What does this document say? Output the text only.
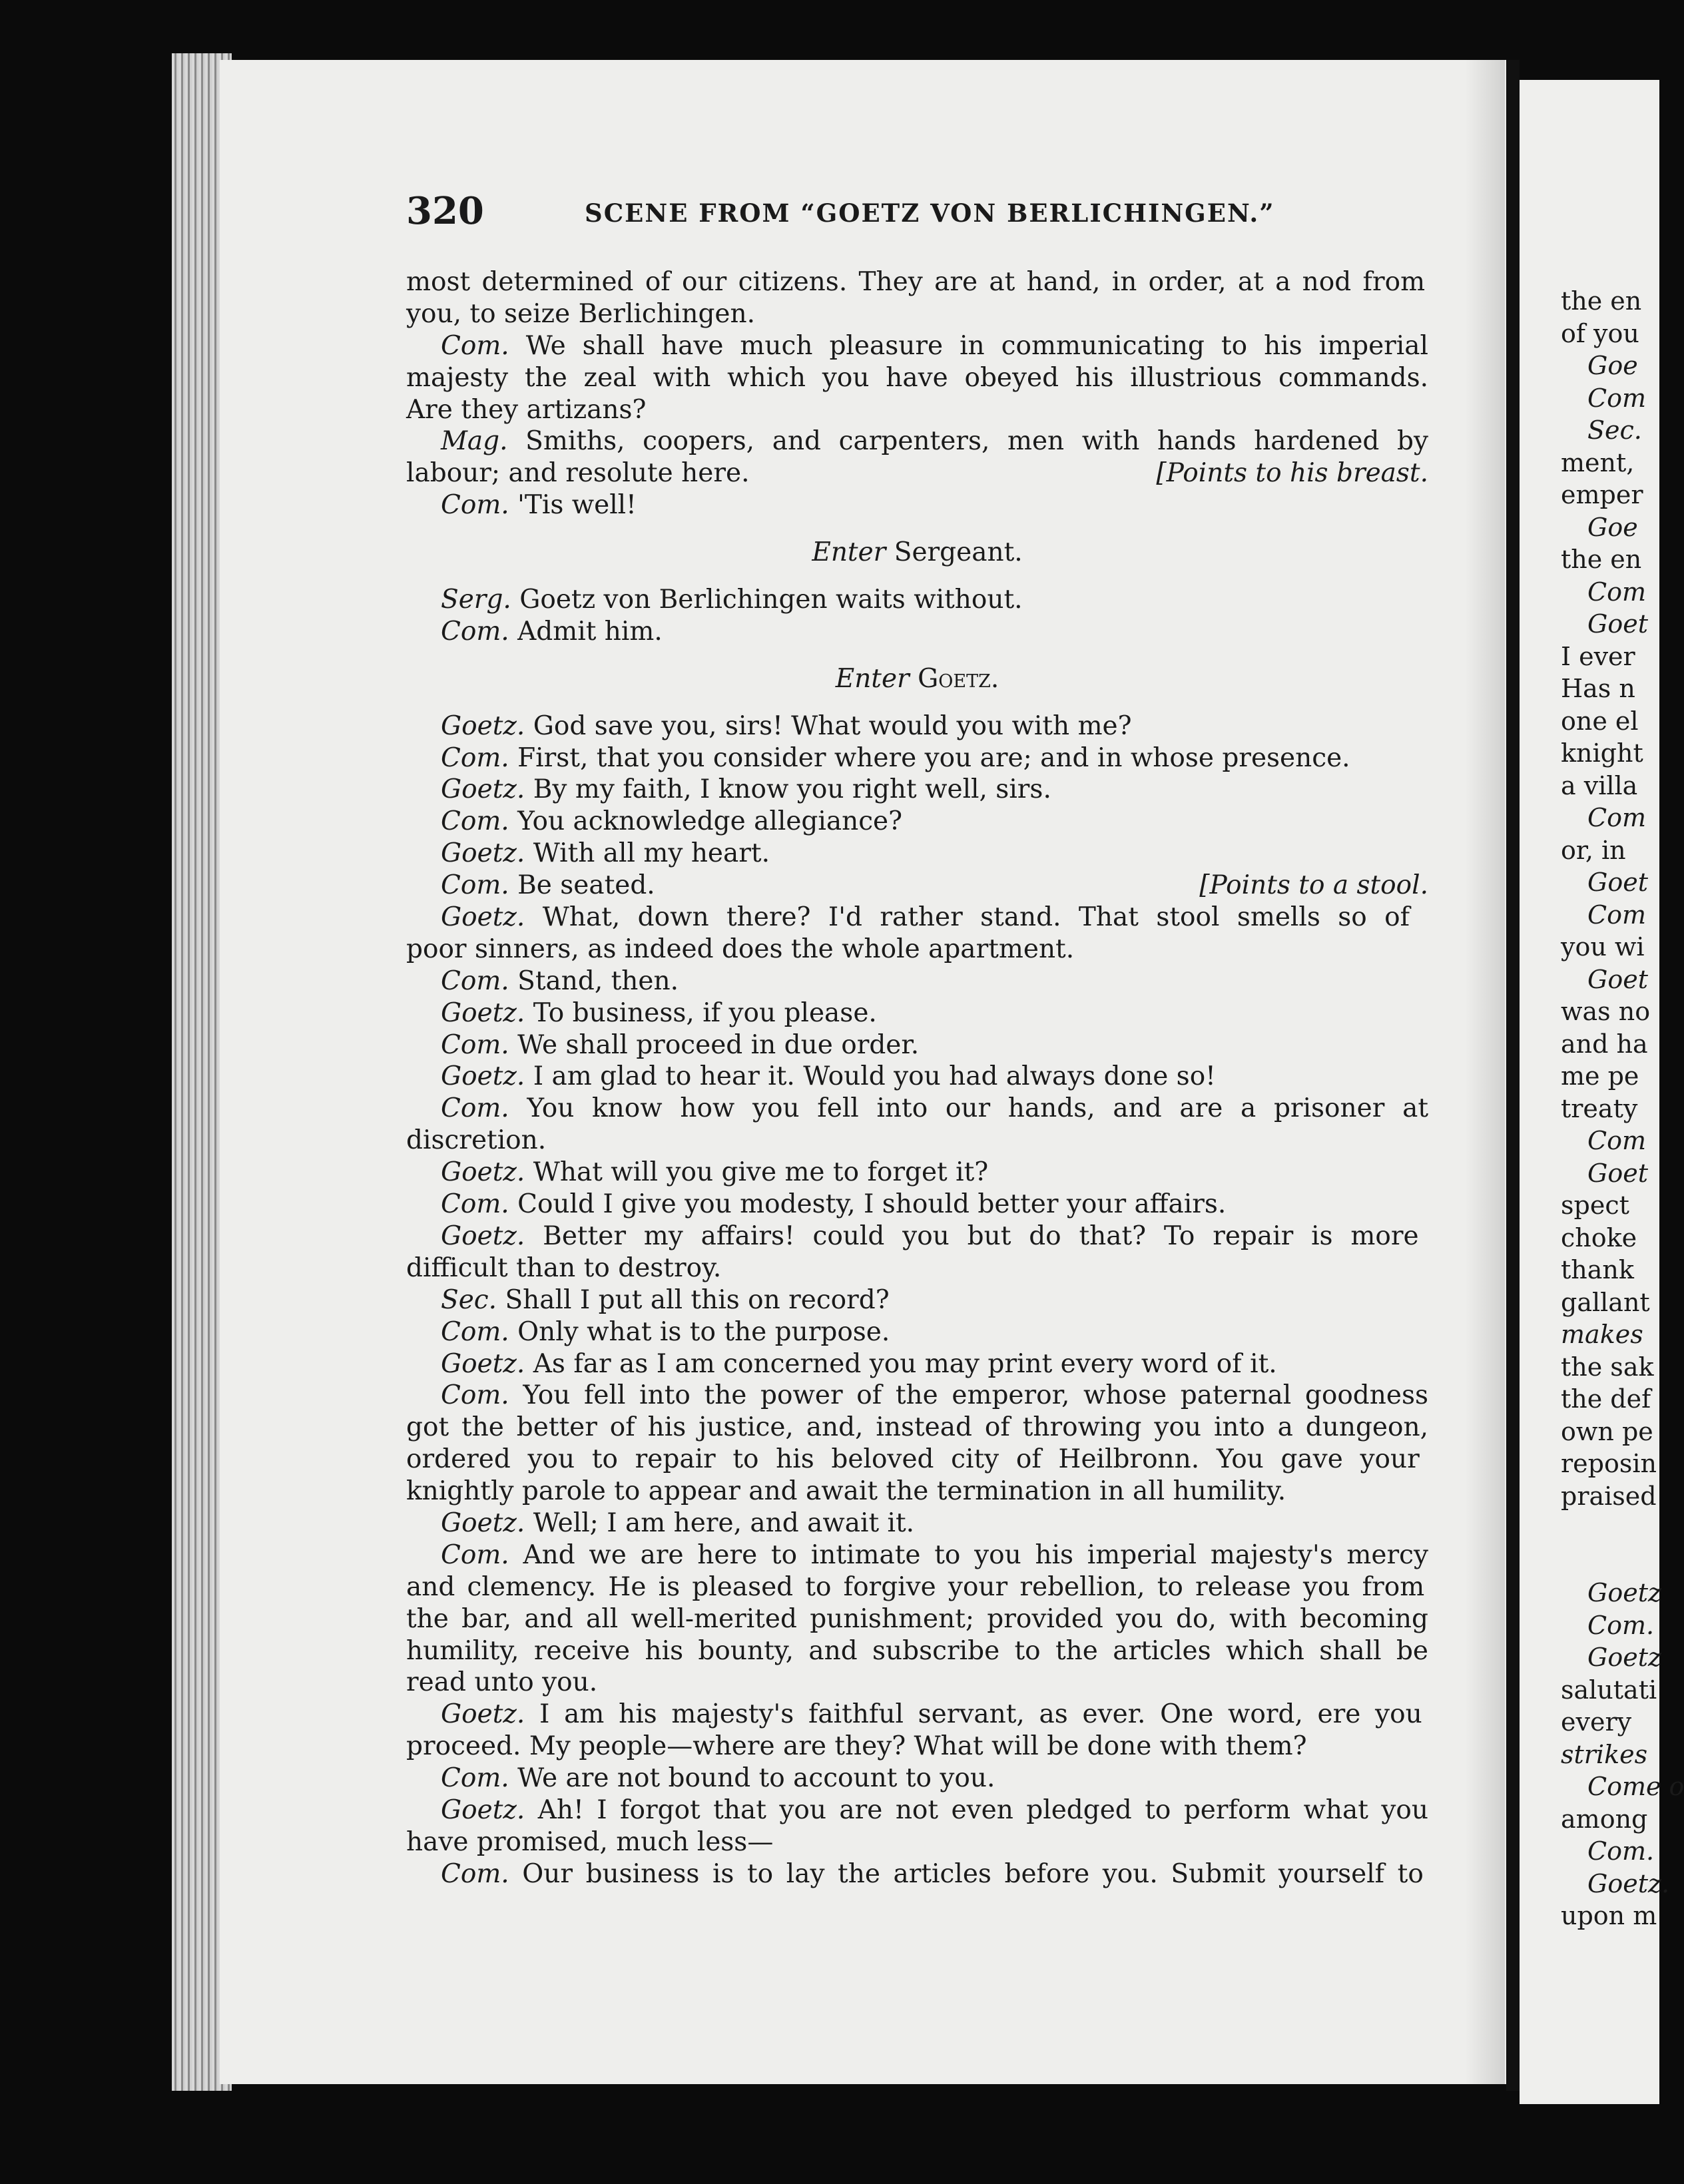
320	SCENE FROM “GOETZ VON BERLICHINGEN.”
most determined of our citizens. They are at hand, in order, at a nod from
you, to seize Berlichingen.
Com. We shall have much pleasure in communicating to his imperial
majesty the zeal with which you have obeyed his illustrious commands.
Are they artizans?
Mag. Smiths, coopers, and carpenters, men with hands hardened by
labour; and resolute here.	[Points to his breast.
Com. 'Tis well!
Enter Sergeant.
Serg. Goetz von Berlichingen waits without.
Com. Admit him.
Enter Goetz.
Goetz. God save you, sirs! What would you with me?
Com. First, that you consider where you are; and in whose presence.
Goetz. By my faith, I know you right well, sirs.
Com. You acknowledge allegiance?
Goetz. With all my heart.
Com. Be seated.	[Points to a stool.
Goetz. What, down there? I'd rather stand. That stool smells so of
poor sinners, as indeed does the whole apartment.
Com. Stand, then.
Goetz. To business, if you please.
Com. We shall proceed in due order.
Goetz. I am glad to hear it. Would you had always done so!
Com. You know how you fell into our hands, and are a prisoner at
discretion.
Goetz. What will you give me to forget it?
Com. Could I give you modesty, I should better your affairs.
Goetz. Better my affairs! could you but do that? To repair is more
difficult than to destroy.
Sec. Shall I put all this on record?
Com. Only what is to the purpose.
Goetz. As far as I am concerned you may print every word of it.
Com. You fell into the power of the emperor, whose paternal goodness
got the better of his justice, and, instead of throwing you into a dungeon,
ordered you to repair to his beloved city of Heilbronn. You gave your
knightly parole to appear and await the termination in all humility.
Goetz. Well; I am here, and await it.
Com. And we are here to intimate to you his imperial majesty's mercy
and clemency. He is pleased to forgive your rebellion, to release you from
the bar, and all well-merited punishment; provided you do, with becoming
humility, receive his bounty, and subscribe to the articles which shall be
read unto you.
Goetz. I am his majesty's faithful servant, as ever. One word, ere you
proceed. My people—where are they? What will be done with them?
Com. We are not bound to account to you.
Goetz. Ah! I forgot that you are not even pledged to perform what you
have promised, much less—
Com. Our business is to lay the articles before you. Submit yourself to
the en
of you
Goe
Com
Sec.
ment,
emper
Goe
the en
Com
Goet
I ever
Has n
one el
knight
a villa
Com
or, in
Goet
Com
you wi
Goet
was no
and ha
me pe
treaty
Com
Goet
spect
choke
thank
gallant
makes
the sak
the def
own pe
reposin
praised
Goetz
Com.
Goetz
salutati
every
strikes
Come o
among
Com.
Goetz.
upon m
